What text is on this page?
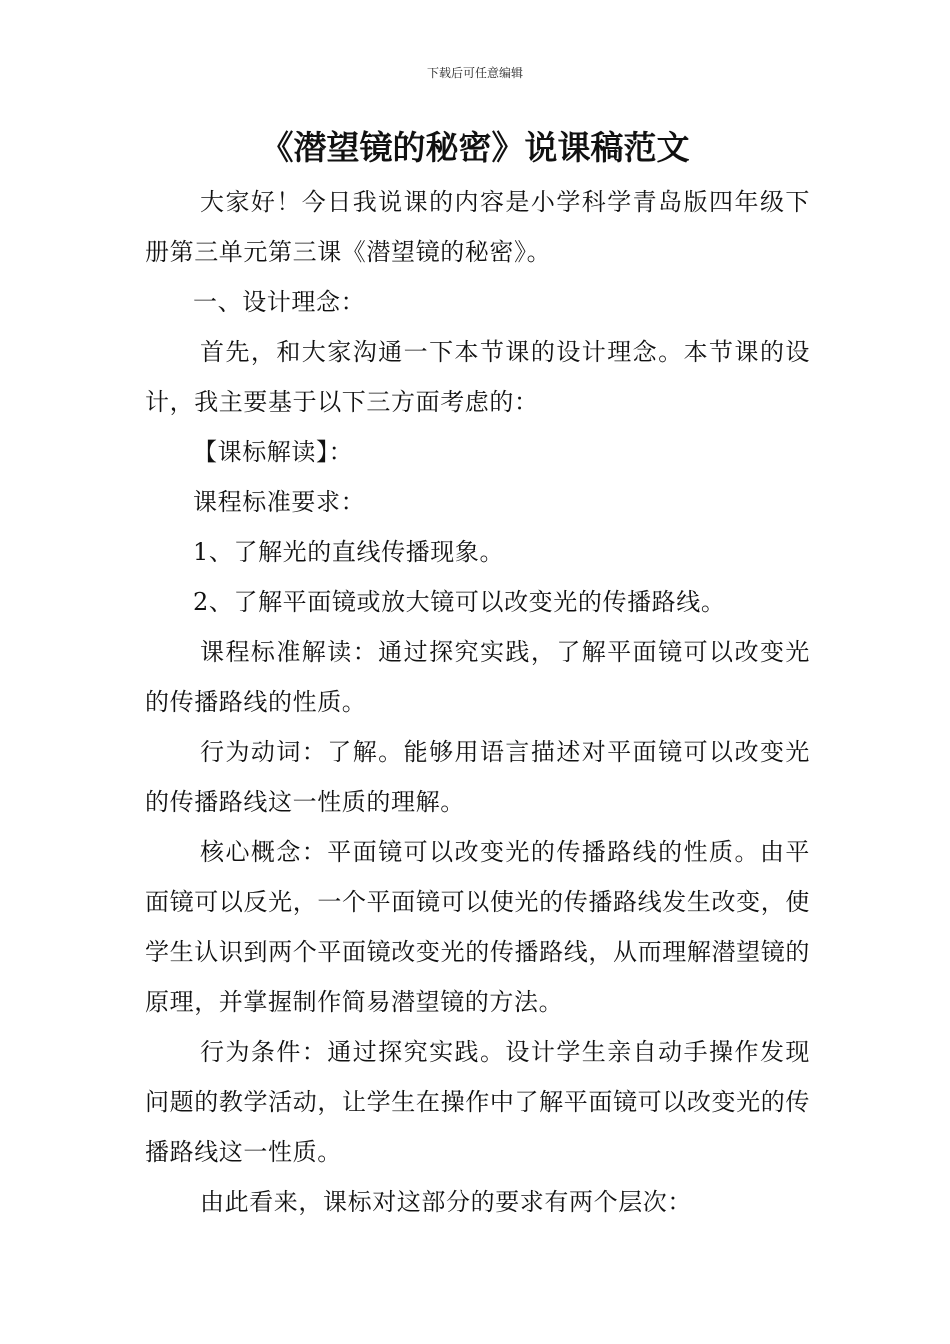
下载后可任意编辑
《潜望镜的秘密》说课稿范文

大家好！今日我说课的内容是小学科学青岛版四年级下册第三单元第三课《潜望镜的秘密》。

一、设计理念：

首先，和大家沟通一下本节课的设计理念。本节课的设计，我主要基于以下三方面考虑的：

【课标解读】：

课程标准要求：

1、了解光的直线传播现象。

2、了解平面镜或放大镜可以改变光的传播路线。

课程标准解读：通过探究实践，了解平面镜可以改变光的传播路线的性质。

行为动词：了解。能够用语言描述对平面镜可以改变光的传播路线这一性质的理解。

核心概念：平面镜可以改变光的传播路线的性质。由平面镜可以反光，一个平面镜可以使光的传播路线发生改变，使学生认识到两个平面镜改变光的传播路线，从而理解潜望镜的原理，并掌握制作简易潜望镜的方法。

行为条件：通过探究实践。设计学生亲自动手操作发现问题的教学活动，让学生在操作中了解平面镜可以改变光的传播路线这一性质。

由此看来，课标对这部分的要求有两个层次：
